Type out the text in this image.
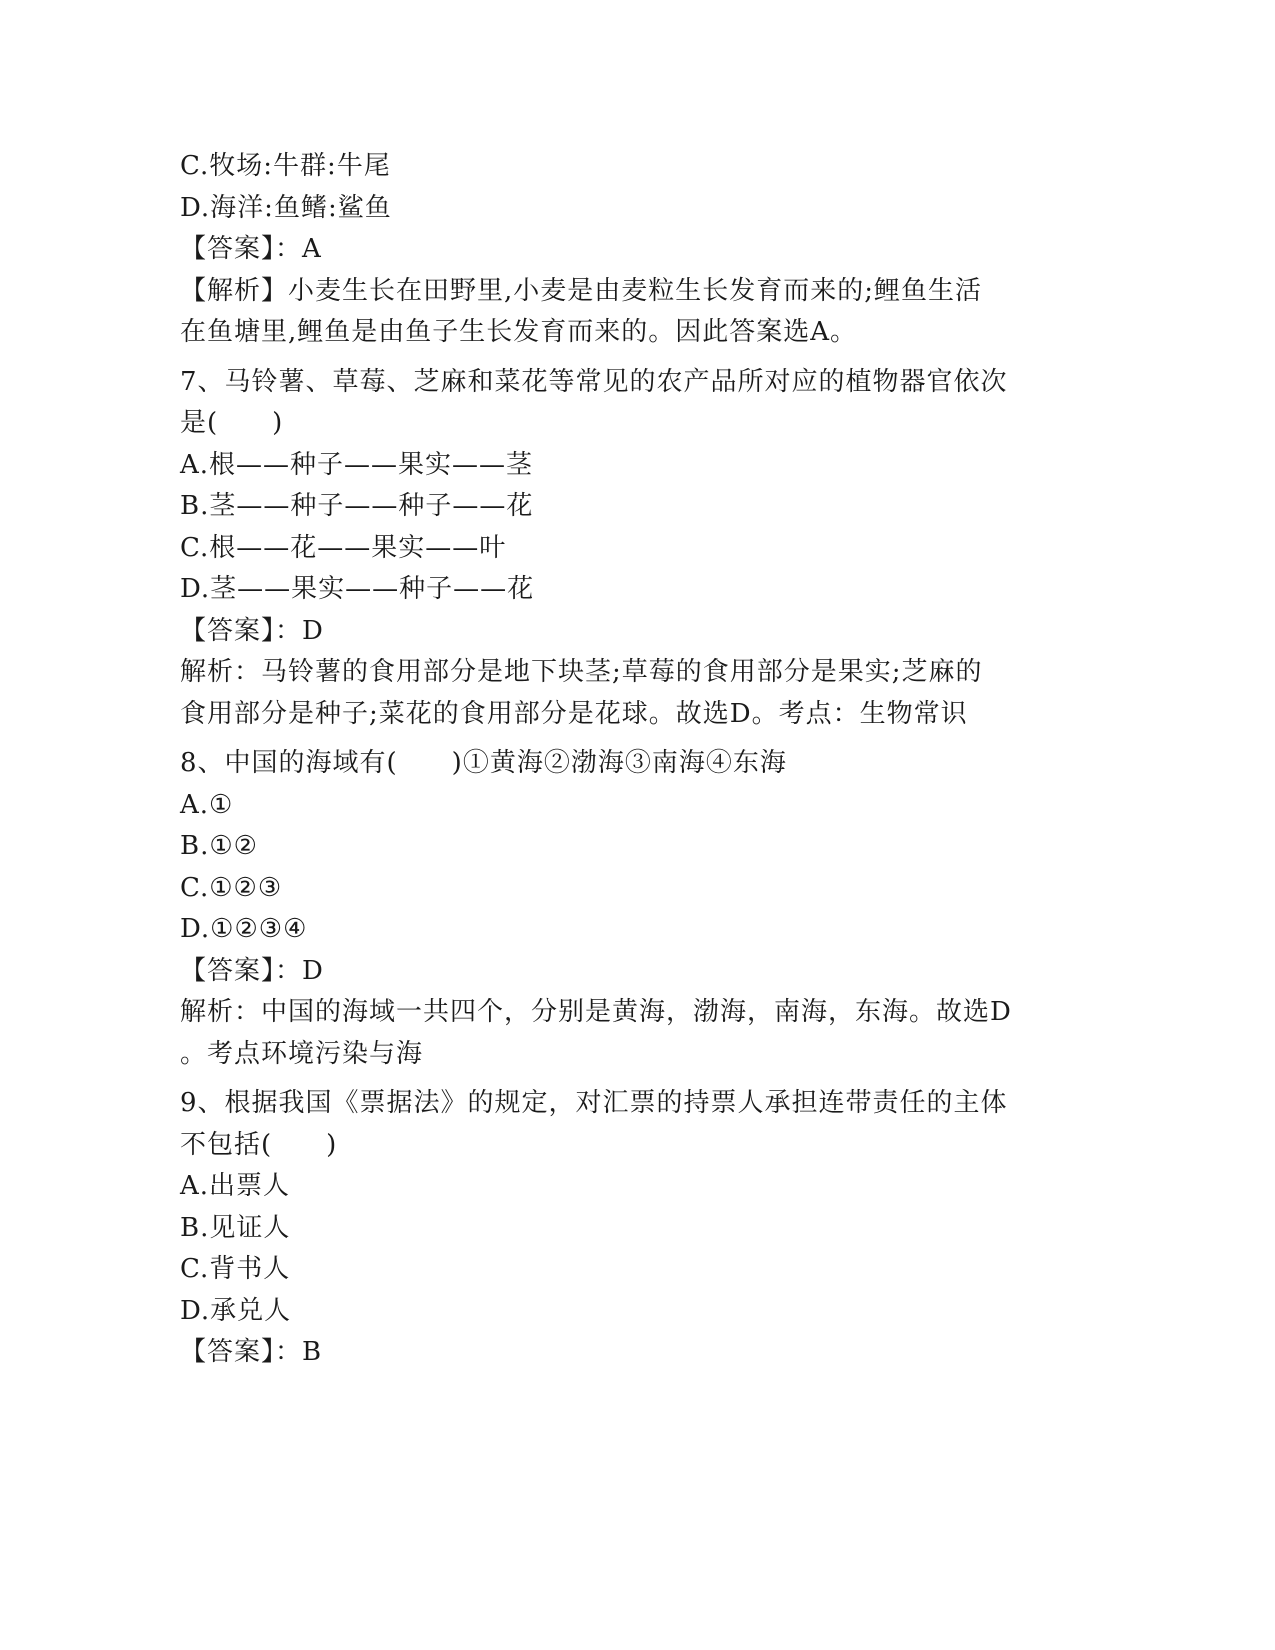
C.牧场:牛群:牛尾
D.海洋:鱼鳍:鲨鱼
【答案】：A
【解析】小麦生长在田野里,小麦是由麦粒生长发育而来的;鲤鱼生活
在鱼塘里,鲤鱼是由鱼子生长发育而来的。因此答案选A。
7、马铃薯、草莓、芝麻和菜花等常见的农产品所对应的植物器官依次
是(　　)
A.根——种子——果实——茎
B.茎——种子——种子——花
C.根——花——果实——叶
D.茎——果实——种子——花
【答案】：D
解析：马铃薯的食用部分是地下块茎;草莓的食用部分是果实;芝麻的
食用部分是种子;菜花的食用部分是花球。故选D。考点：生物常识
8、中国的海域有(　　)①黄海②渤海③南海④东海
A.①
B.①②
C.①②③
D.①②③④
【答案】：D
解析：中国的海域一共四个，分别是黄海，渤海，南海，东海。故选D
。考点环境污染与海
9、根据我国《票据法》的规定，对汇票的持票人承担连带责任的主体
不包括(　　)
A.出票人
B.见证人
C.背书人
D.承兑人
【答案】：B
